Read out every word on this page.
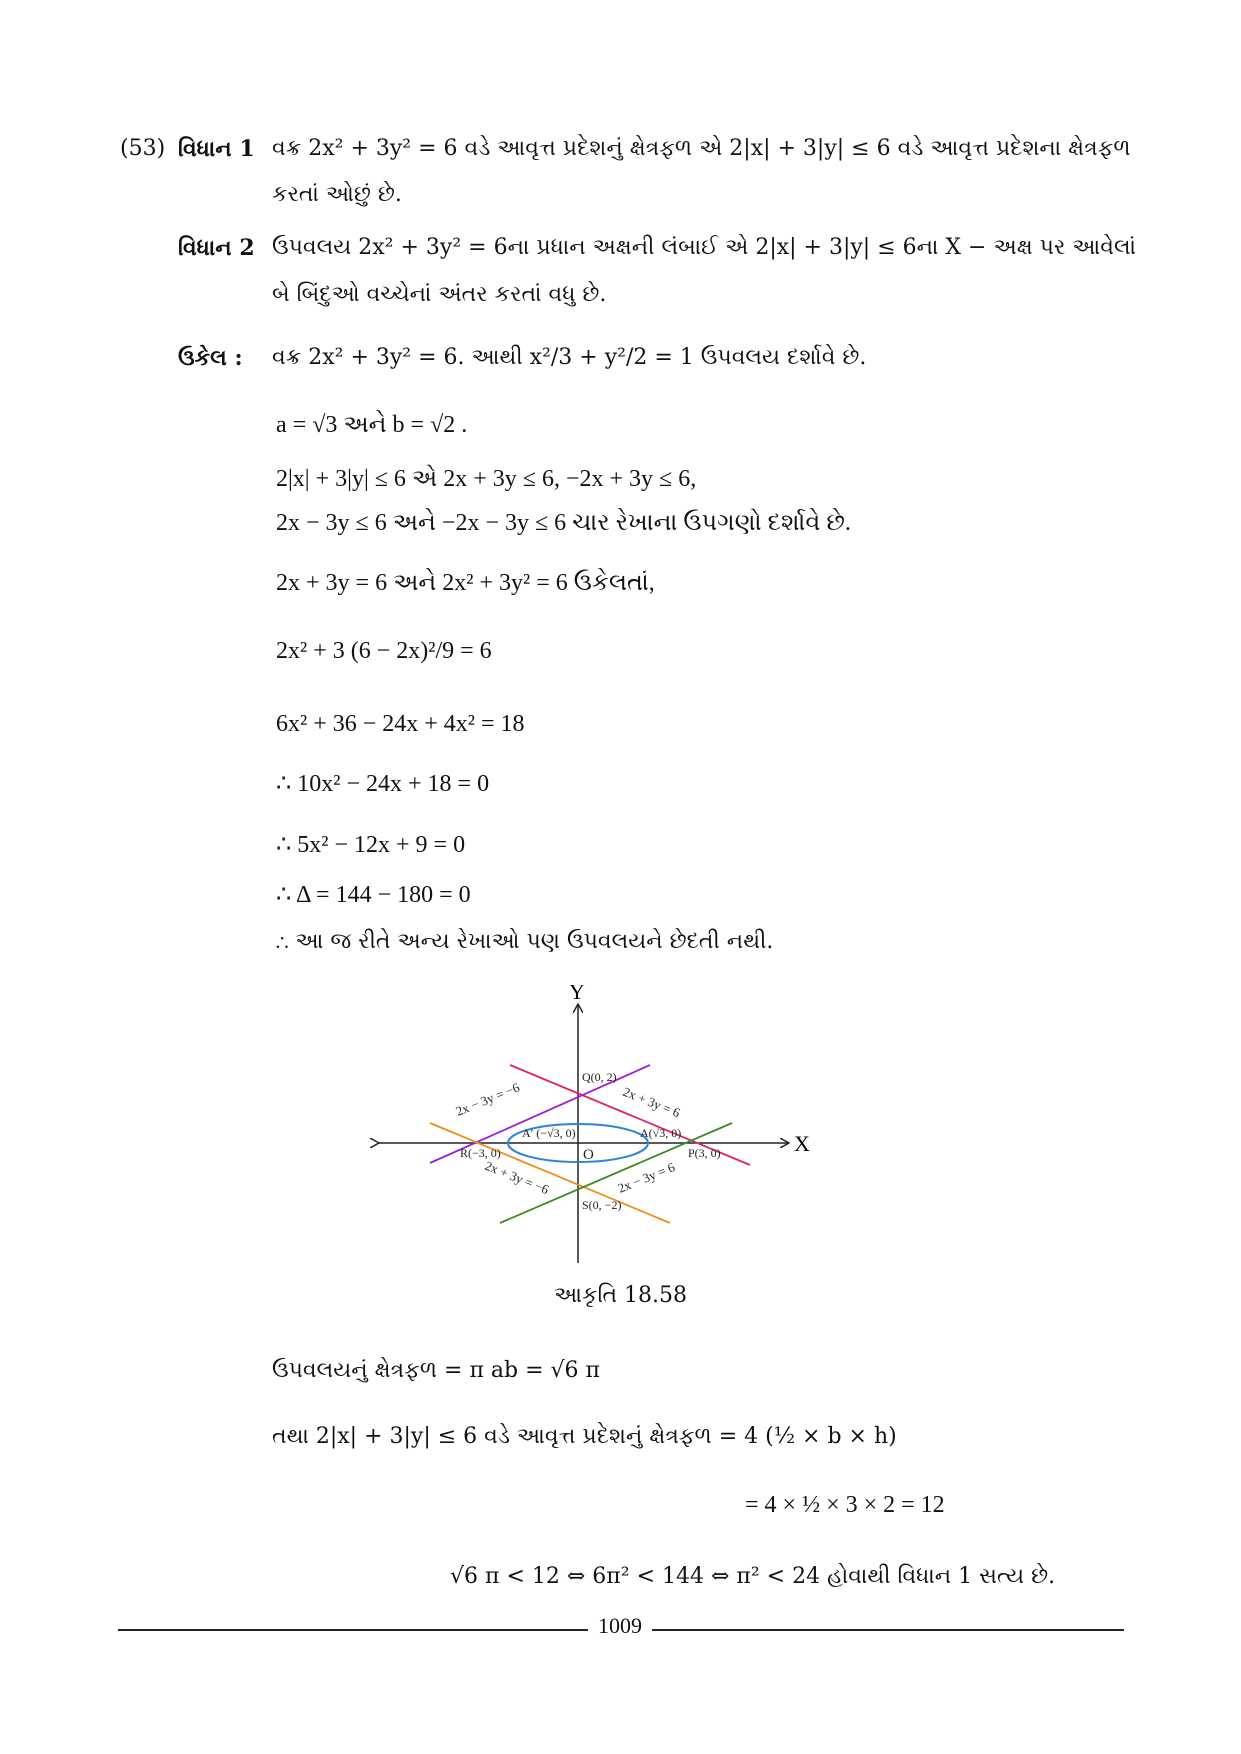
(53) વિધાન 1 વક્ર 2x² + 3y² = 6 વડે આવૃત્ત પ્રદેશનું ક્ષેત્રફળ એ 2|x| + 3|y| ≤ 6 વડે આવૃત્ત પ્રદેશના ક્ષેત્રફળ
કરતાં ઓછું છે.
વિધાન 2 ઉપવલય 2x² + 3y² = 6ના પ્રધાન અક્ષની લંબાઈ એ 2|x| + 3|y| ≤ 6ના X − અક્ષ પર આવેલાં
બે બિંદુઓ વચ્ચેનાં અંતર કરતાં વધુ છે.
ઉકેલ : વક્ર 2x² + 3y² = 6. આથી x²/3 + y²/2 = 1 ઉપવલય દર્શાવે છે.
a = √3 અને b = √2 .
2|x| + 3|y| ≤ 6 એ 2x + 3y ≤ 6, −2x + 3y ≤ 6,
2x − 3y ≤ 6 અને −2x − 3y ≤ 6 ચાર રેખાના ઉપગણો દર્શાવે છે.
2x + 3y = 6 અને 2x² + 3y² = 6 ઉકેલતાં,
2x² + 3 (6 − 2x)²/9 = 6
6x² + 36 − 24x + 4x² = 18
∴ 10x² − 24x + 18 = 0
∴ 5x² − 12x + 9 = 0
∴ Δ = 144 − 180 = 0
∴ આ જ રીતે અન્ય રેખાઓ પણ ઉપવલયને છેદતી નથી.
X
Y
Q(0, 2)
S(0, −2)
P(3, 0)
R(−3, 0)
A(√3, 0)
A′ (−√3, 0)
O
2x + 3y = 6
2x − 3y = −6
2x + 3y = −6	2x − 3y = 6
આકૃતિ 18.58
ઉપવલયનું ક્ષેત્રફળ = π ab = √6 π
તથા 2|x| + 3|y| ≤ 6 વડે આવૃત્ત પ્રદેશનું ક્ષેત્રફળ = 4 (½ × b × h)
= 4 × ½ × 3 × 2 = 12
√6 π < 12 ⇔ 6π² < 144 ⇔ π² < 24 હોવાથી વિધાન 1 સત્ય છે.
1009
